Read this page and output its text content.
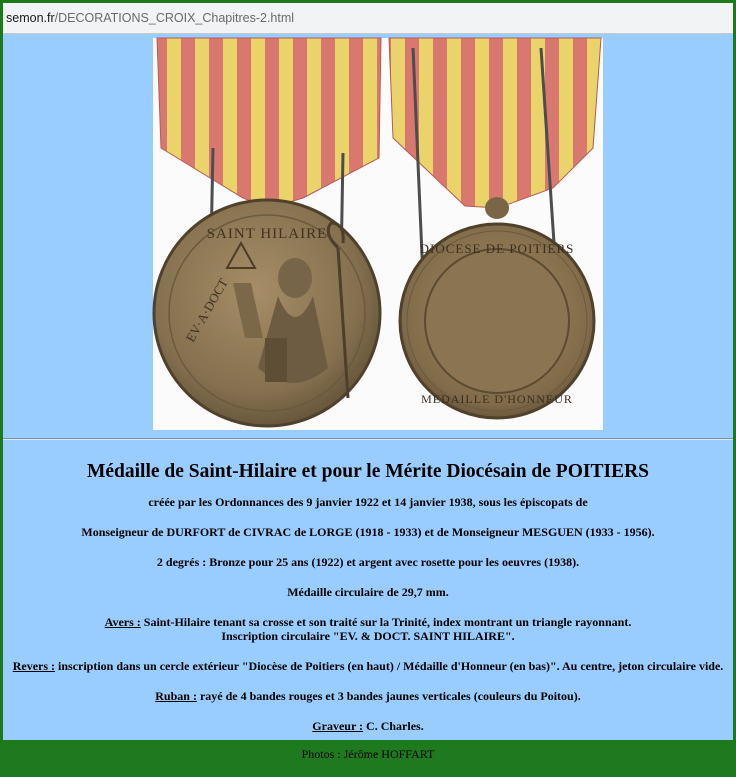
semon.fr /DECORATIONS_CROIX_Chapitres-2.html
SAINT HILAIRE
EV·A·DOCT
DIOCESE DE POITIERS
MEDAILLE D'HONNEUR
Médaille de Saint-Hilaire et pour le Mérite Diocésain de POITIERS
créée par les Ordonnances des 9 janvier 1922 et 14 janvier 1938, sous les épiscopats de
Monseigneur de DURFORT de CIVRAC de LORGE (1918 - 1933) et de Monseigneur MESGUEN (1933 - 1956).
2 degrés : Bronze pour 25 ans (1922) et argent avec rosette pour les oeuvres (1938).
Médaille circulaire de 29,7 mm.
Avers : Saint-Hilaire tenant sa crosse et son traité sur la Trinité, index montrant un triangle rayonnant.
Inscription circulaire "EV. & DOCT. SAINT HILAIRE".
Revers : inscription dans un cercle extérieur "Diocèse de Poitiers (en haut) / Médaille d'Honneur (en bas)". Au centre, jeton circulaire vide.
Ruban : rayé de 4 bandes rouges et 3 bandes jaunes verticales (couleurs du Poitou).
Graveur : C. Charles.
Photos : Jérôme HOFFART
